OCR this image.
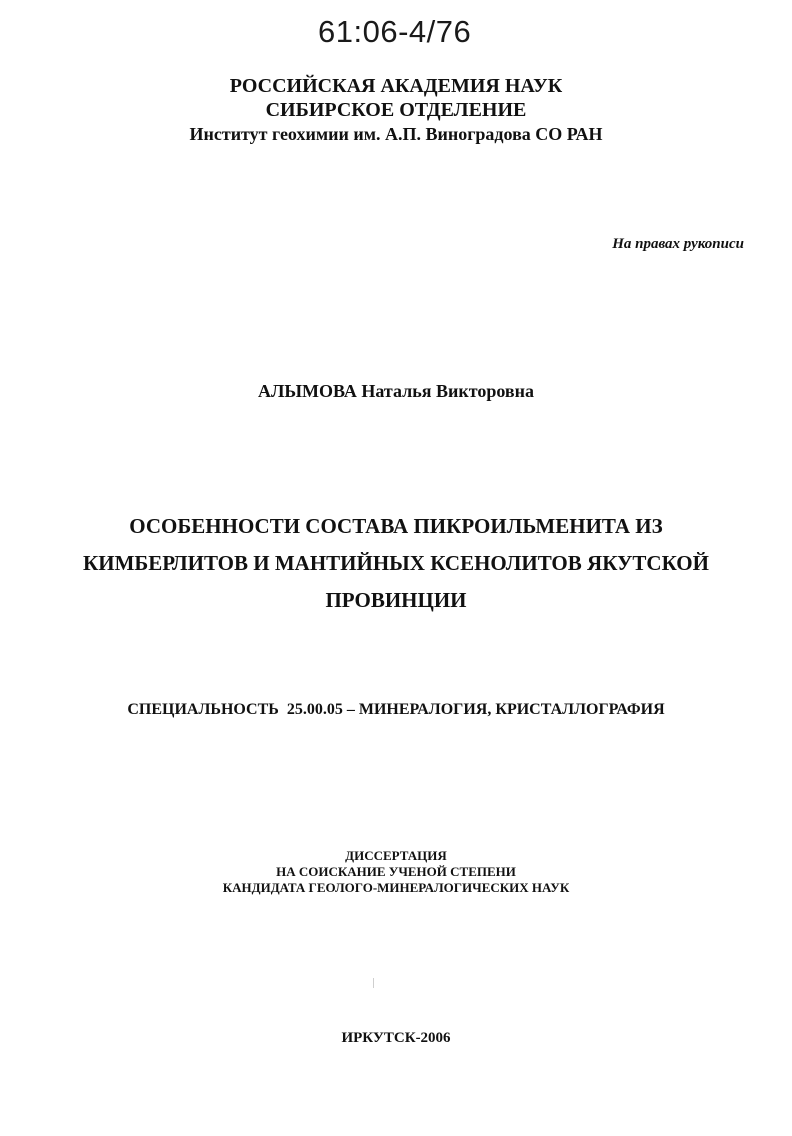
61:06-4/76
РОССИЙСКАЯ АКАДЕМИЯ НАУК
СИБИРСКОЕ ОТДЕЛЕНИЕ
Институт геохимии им. А.П. Виноградова СО РАН
На правах рукописи
АЛЫМОВА Наталья Викторовна
ОСОБЕННОСТИ СОСТАВА ПИКРОИЛЬМЕНИТА ИЗ
КИМБЕРЛИТОВ И МАНТИЙНЫХ КСЕНОЛИТОВ ЯКУТСКОЙ
ПРОВИНЦИИ
СПЕЦИАЛЬНОСТЬ  25.00.05 – МИНЕРАЛОГИЯ, КРИСТАЛЛОГРАФИЯ
ДИССЕРТАЦИЯ
НА СОИСКАНИЕ УЧЕНОЙ СТЕПЕНИ
КАНДИДАТА ГЕОЛОГО-МИНЕРАЛОГИЧЕСКИХ НАУК
ИРКУТСК-2006
